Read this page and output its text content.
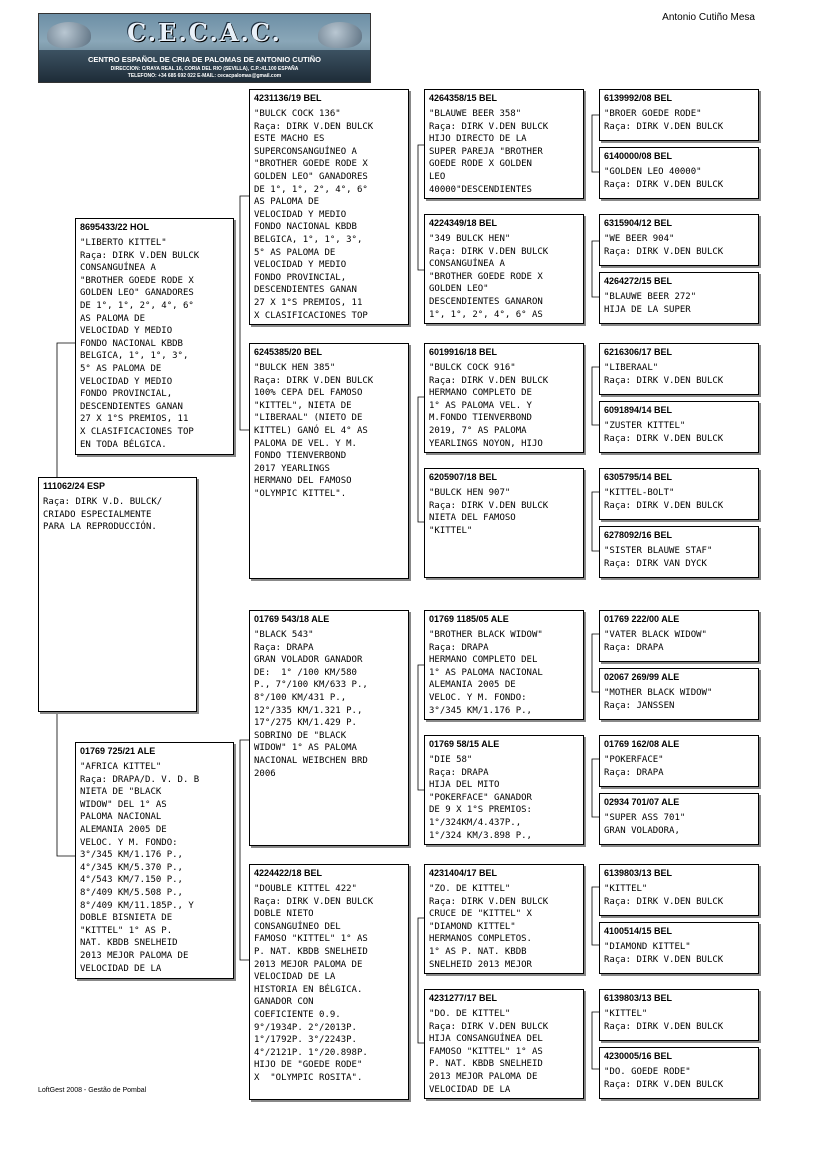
Antonio Cutiño Mesa
C.E.C.A.C.
CENTRO ESPAÑOL DE CRIA DE PALOMAS DE ANTONIO CUTIÑO
DIRECCION: C/RAYA REAL 16, CORIA DEL RIO (SEVILLA), C.P.:41.100 ESPAÑA
TELEFONO: +34 685 692 022 E-MAIL: cecacpalomas@gmail.com
111062/24 ESP
Raça: DIRK V.D. BULCK/
CRIADO ESPECIALMENTE
PARA LA REPRODUCCIÓN.
8695433/22 HOL
"LIBERTO KITTEL"
Raça: DIRK V.DEN BULCK
CONSANGUÍNEA A
"BROTHER GOEDE RODE X
GOLDEN LEO" GANADORES
DE 1°, 1°, 2°, 4°, 6°
AS PALOMA DE
VELOCIDAD Y MEDIO
FONDO NACIONAL KBDB
BELGICA, 1°, 1°, 3°,
5° AS PALOMA DE
VELOCIDAD Y MEDIO
FONDO PROVINCIAL,
DESCENDIENTES GANAN
27 X 1°S PREMIOS, 11
X CLASIFICACIONES TOP
EN TODA BÉLGICA.
01769 725/21 ALE
"AFRICA KITTEL"
Raça: DRAPA/D. V. D. B
NIETA DE "BLACK
WIDOW" DEL 1° AS
PALOMA NACIONAL
ALEMANIA 2005 DE
VELOC. Y M. FONDO:
3°/345 KM/1.176 P.,
4°/345 KM/5.370 P.,
4°/543 KM/7.150 P.,
8°/409 KM/5.508 P.,
8°/409 KM/11.185P., Y
DOBLE BISNIETA DE
"KITTEL" 1° AS P.
NAT. KBDB SNELHEID
2013 MEJOR PALOMA DE
VELOCIDAD DE LA
4231136/19 BEL
"BULCK COCK 136"
Raça: DIRK V.DEN BULCK
ESTE MACHO ES
SUPERCONSANGUÍNEO A
"BROTHER GOEDE RODE X
GOLDEN LEO" GANADORES
DE 1°, 1°, 2°, 4°, 6°
AS PALOMA DE
VELOCIDAD Y MEDIO
FONDO NACIONAL KBDB
BELGICA, 1°, 1°, 3°,
5° AS PALOMA DE
VELOCIDAD Y MEDIO
FONDO PROVINCIAL,
DESCENDIENTES GANAN
27 X 1°S PREMIOS, 11
X CLASIFICACIONES TOP
6245385/20 BEL
"BULCK HEN 385"
Raça: DIRK V.DEN BULCK
100% CEPA DEL FAMOSO
"KITTEL", NIETA DE
"LIBERAAL" (NIETO DE
KITTEL) GANÓ EL 4° AS
PALOMA DE VEL. Y M.
FONDO TIENVERBOND
2017 YEARLINGS
HERMANO DEL FAMOSO
"OLYMPIC KITTEL".
01769 543/18 ALE
"BLACK 543"
Raça: DRAPA
GRAN VOLADOR GANADOR
DE:  1° /100 KM/580
P., 7°/100 KM/633 P.,
8°/100 KM/431 P.,
12°/335 KM/1.321 P.,
17°/275 KM/1.429 P.
SOBRINO DE "BLACK
WIDOW" 1° AS PALOMA
NACIONAL WEIBCHEN BRD
2006
4224422/18 BEL
"DOUBLE KITTEL 422"
Raça: DIRK V.DEN BULCK
DOBLE NIETO
CONSANGUÍNEO DEL
FAMOSO "KITTEL" 1° AS
P. NAT. KBDB SNELHEID
2013 MEJOR PALOMA DE
VELOCIDAD DE LA
HISTORIA EN BÉLGICA.
GANADOR CON
COEFICIENTE 0.9.
9°/1934P. 2°/2013P.
1°/1792P. 3°/2243P.
4°/2121P. 1°/20.898P.
HIJO DE "GOEDE RODE"
X  "OLYMPIC ROSITA".
4264358/15 BEL
"BLAUWE BEER 358"
Raça: DIRK V.DEN BULCK
HIJO DIRECTO DE LA
SUPER PAREJA "BROTHER
GOEDE RODE X GOLDEN
LEO
40000"DESCENDIENTES
4224349/18 BEL
"349 BULCK HEN"
Raça: DIRK V.DEN BULCK
CONSANGUÍNEA A
"BROTHER GOEDE RODE X
GOLDEN LEO"
DESCENDIENTES GANARON
1°, 1°, 2°, 4°, 6° AS
6019916/18 BEL
"BULCK COCK 916"
Raça: DIRK V.DEN BULCK
HERMANO COMPLETO DE
1° AS PALOMA VEL. Y
M.FONDO TIENVERBOND
2019, 7° AS PALOMA
YEARLINGS NOYON, HIJO
6205907/18 BEL
"BULCK HEN 907"
Raça: DIRK V.DEN BULCK
NIETA DEL FAMOSO
"KITTEL"
01769 1185/05 ALE
"BROTHER BLACK WIDOW"
Raça: DRAPA
HERMANO COMPLETO DEL
1° AS PALOMA NACIONAL
ALEMANIA 2005 DE
VELOC. Y M. FONDO:
3°/345 KM/1.176 P.,
01769 58/15 ALE
"DIE 58"
Raça: DRAPA
HIJA DEL MITO
"POKERFACE" GANADOR
DE 9 X 1°S PREMIOS:
1°/324KM/4.437P.,
1°/324 KM/3.898 P.,
4231404/17 BEL
"ZO. DE KITTEL"
Raça: DIRK V.DEN BULCK
CRUCE DE "KITTEL" X
"DIAMOND KITTEL"
HERMANOS COMPLETOS.
1° AS P. NAT. KBDB
SNELHEID 2013 MEJOR
4231277/17 BEL
"DO. DE KITTEL"
Raça: DIRK V.DEN BULCK
HIJA CONSANGUÍNEA DEL
FAMOSO "KITTEL" 1° AS
P. NAT. KBDB SNELHEID
2013 MEJOR PALOMA DE
VELOCIDAD DE LA
6139992/08 BEL
"BROER GOEDE RODE"
Raça: DIRK V.DEN BULCK
6140000/08 BEL
"GOLDEN LEO 40000"
Raça: DIRK V.DEN BULCK
6315904/12 BEL
"WE BEER 904"
Raça: DIRK V.DEN BULCK
4264272/15 BEL
"BLAUWE BEER 272"
HIJA DE LA SUPER
6216306/17 BEL
"LIBERAAL"
Raça: DIRK V.DEN BULCK
6091894/14 BEL
"ZUSTER KITTEL"
Raça: DIRK V.DEN BULCK
6305795/14 BEL
"KITTEL-BOLT"
Raça: DIRK V.DEN BULCK
6278092/16 BEL
"SISTER BLAUWE STAF"
Raça: DIRK VAN DYCK
01769 222/00 ALE
"VATER BLACK WIDOW"
Raça: DRAPA
02067 269/99 ALE
"MOTHER BLACK WIDOW"
Raça: JANSSEN
01769 162/08 ALE
"POKERFACE"
Raça: DRAPA
02934 701/07 ALE
"SUPER ASS 701"
GRAN VOLADORA,
6139803/13 BEL
"KITTEL"
Raça: DIRK V.DEN BULCK
4100514/15 BEL
"DIAMOND KITTEL"
Raça: DIRK V.DEN BULCK
6139803/13 BEL
"KITTEL"
Raça: DIRK V.DEN BULCK
4230005/16 BEL
"DO. GOEDE RODE"
Raça: DIRK V.DEN BULCK
LoftGest 2008 - Gestão de Pombal
